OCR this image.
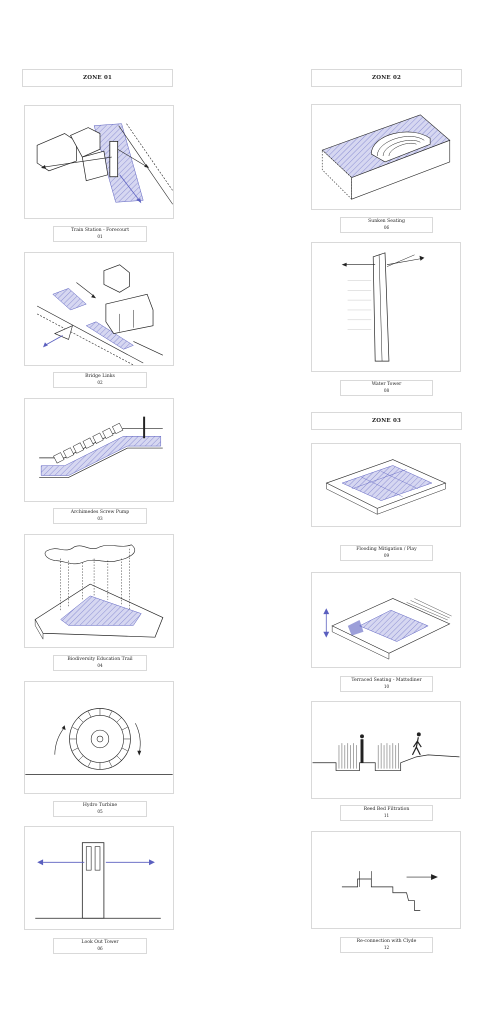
ZONE 01	ZONE 02
ZONE 03
Train Station - Forecourt
01
Bridge Links
02
Archimedes Screw Pump
03
Biodiversity Education Trail
04
Hydro Turbine
05
Look Out Tower
06
Sunken Seating
06
Water Tower
08
Flooding Mitigation / Play
09
Terraced Seating - Mattsdiner
10
Reed Bed Filtration
11
Re-connection with Clyde
12
